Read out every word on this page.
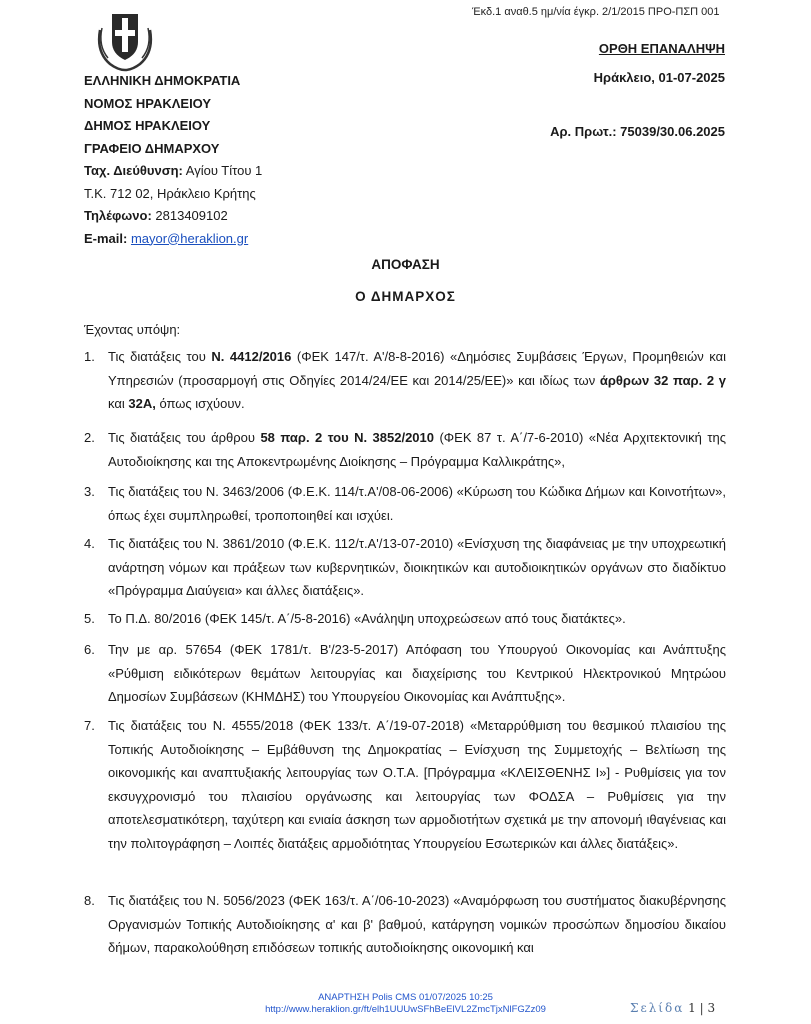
Έκδ.1 αναθ.5 ημ/νία έγκρ. 2/1/2015 ΠΡΟ-ΠΣΠ 001
ΟΡΘΗ ΕΠΑΝΑΛΗΨΗ
Ηράκλειο, 01-07-2025
Αρ. Πρωτ.: 75039/30.06.2025
ΕΛΛΗΝΙΚΗ ΔΗΜΟΚΡΑΤΙΑ
ΝΟΜΟΣ ΗΡΑΚΛΕΙΟΥ
ΔΗΜΟΣ ΗΡΑΚΛΕΙΟΥ
ΓΡΑΦΕΙΟ ΔΗΜΑΡΧΟΥ
Ταχ. Διεύθυνση: Αγίου Τίτου 1
Τ.Κ. 712 02, Ηράκλειο Κρήτης
Τηλέφωνο: 2813409102
E-mail: mayor@heraklion.gr
ΑΠΟΦΑΣΗ
Ο ΔΗΜΑΡΧΟΣ
Έχοντας υπόψη:
1. Τις διατάξεις του Ν. 4412/2016 (ΦΕΚ 147/τ. Α'/8-8-2016) «Δημόσιες Συμβάσεις Έργων, Προμηθειών και Υπηρεσιών (προσαρμογή στις Οδηγίες 2014/24/ΕΕ και 2014/25/ΕΕ)» και ιδίως των άρθρων 32 παρ. 2 γ και 32Α, όπως ισχύουν.
2. Τις διατάξεις του άρθρου 58 παρ. 2 του Ν. 3852/2010 (ΦΕΚ 87 τ. Α΄/7-6-2010) «Νέα Αρχιτεκτονική της Αυτοδιοίκησης και της Αποκεντρωμένης Διοίκησης – Πρόγραμμα Καλλικράτης»,
3. Τις διατάξεις του Ν. 3463/2006 (Φ.Ε.Κ. 114/τ.Α'/08-06-2006) «Κύρωση του Κώδικα Δήμων και Κοινοτήτων», όπως έχει συμπληρωθεί, τροποποιηθεί και ισχύει.
4. Τις διατάξεις του Ν. 3861/2010 (Φ.Ε.Κ. 112/τ.Α'/13-07-2010) «Ενίσχυση της διαφάνειας με την υποχρεωτική ανάρτηση νόμων και πράξεων των κυβερνητικών, διοικητικών και αυτοδιοικητικών οργάνων στο διαδίκτυο «Πρόγραμμα Διαύγεια» και άλλες διατάξεις».
5. Το Π.Δ. 80/2016 (ΦΕΚ 145/τ. Α΄/5-8-2016) «Ανάληψη υποχρεώσεων από τους διατάκτες».
6. Την με αρ. 57654 (ΦΕΚ 1781/τ. Β'/23-5-2017) Απόφαση του Υπουργού Οικονομίας και Ανάπτυξης «Ρύθμιση ειδικότερων θεμάτων λειτουργίας και διαχείρισης του Κεντρικού Ηλεκτρονικού Μητρώου Δημοσίων Συμβάσεων (ΚΗΜΔΗΣ) του Υπουργείου Οικονομίας και Ανάπτυξης».
7. Τις διατάξεις του Ν. 4555/2018 (ΦΕΚ 133/τ. Α΄/19-07-2018) «Μεταρρύθμιση του θεσμικού πλαισίου της Τοπικής Αυτοδιοίκησης – Εμβάθυνση της Δημοκρατίας – Ενίσχυση της Συμμετοχής – Βελτίωση της οικονομικής και αναπτυξιακής λειτουργίας των Ο.Τ.Α. [Πρόγραμμα «ΚΛΕΙΣΘΕΝΗΣ Ι»] - Ρυθμίσεις για τον εκσυγχρονισμό του πλαισίου οργάνωσης και λειτουργίας των ΦΟΔΣΑ – Ρυθμίσεις για την αποτελεσματικότερη, ταχύτερη και ενιαία άσκηση των αρμοδιοτήτων σχετικά με την απονομή ιθαγένειας και την πολιτογράφηση – Λοιπές διατάξεις αρμοδιότητας Υπουργείου Εσωτερικών και άλλες διατάξεις».
8. Τις διατάξεις του Ν. 5056/2023 (ΦΕΚ 163/τ. Α΄/06-10-2023) «Αναμόρφωση του συστήματος διακυβέρνησης Οργανισμών Τοπικής Αυτοδιοίκησης α' και β' βαθμού, κατάργηση νομικών προσώπων δημοσίου δικαίου δήμων, παρακολούθηση επιδόσεων τοπικής αυτοδιοίκησης οικονομική και
ΑΝΑΡΤΗΣΗ Polis CMS 01/07/2025 10:25
http://www.heraklion.gr/ft/elh1UUUwSFhBeElVL2ZmcTjxNlFGZz09	Σελίδα 1 | 3
